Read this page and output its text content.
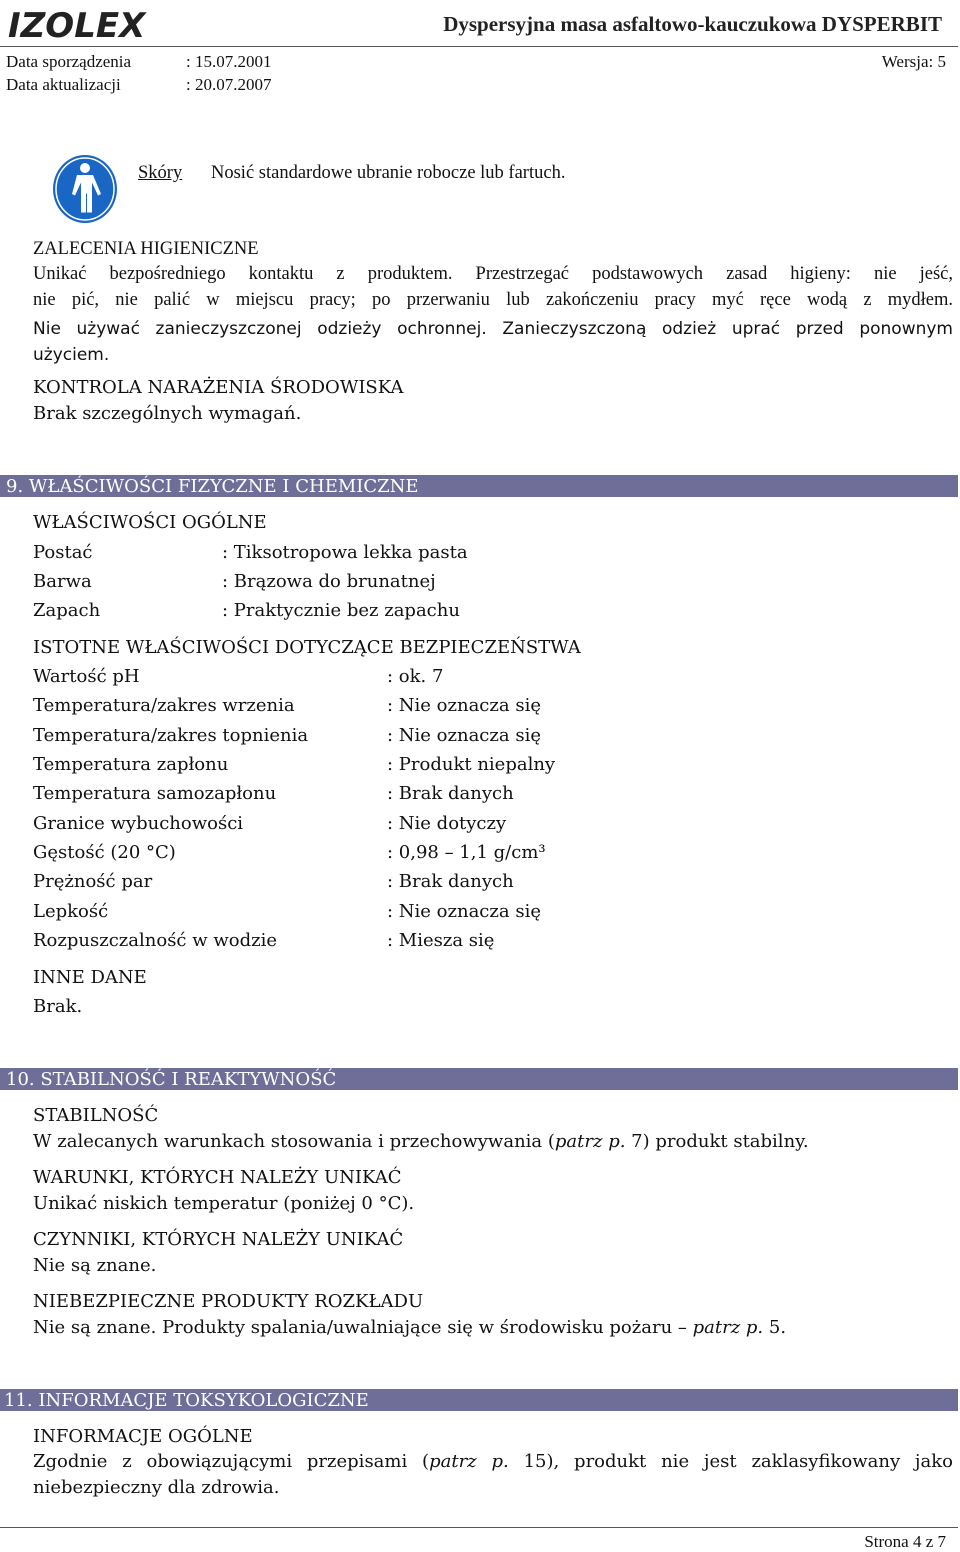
IZOLEX	Dyspersyjna masa asfaltowo-kauczukowa DYSPERBIT
Data sporządzenia	: 15.07.2001	Wersja: 5
Data aktualizacji	: 20.07.2007
Skóry Nosić standardowe ubranie robocze lub fartuch.
ZALECENIA HIGIENICZNE
Unikać bezpośredniego kontaktu z produktem. Przestrzegać podstawowych zasad higieny: nie jeść,
nie pić, nie palić w miejscu pracy; po przerwaniu lub zakończeniu pracy myć ręce wodą z mydłem.
Nie używać zanieczyszczonej odzieży ochronnej. Zanieczyszczoną odzież uprać przed ponownym
użyciem.
KONTROLA NARAŻENIA ŚRODOWISKA
Brak szczególnych wymagań.
9. WŁAŚCIWOŚCI FIZYCZNE I CHEMICZNE
WŁAŚCIWOŚCI OGÓLNE
Postać	: Tiksotropowa lekka pasta
Barwa	: Brązowa do brunatnej
Zapach	: Praktycznie bez zapachu
ISTOTNE WŁAŚCIWOŚCI DOTYCZĄCE BEZPIECZEŃSTWA
Wartość pH	: ok. 7
Temperatura/zakres wrzenia	: Nie oznacza się
Temperatura/zakres topnienia	: Nie oznacza się
Temperatura zapłonu	: Produkt niepalny
Temperatura samozapłonu	: Brak danych
Granice wybuchowości	: Nie dotyczy
Gęstość (20 °C)	: 0,98 – 1,1 g/cm³
Prężność par	: Brak danych
Lepkość	: Nie oznacza się
Rozpuszczalność w wodzie	: Miesza się
INNE DANE
Brak.
10. STABILNOŚĆ I REAKTYWNOŚĆ
STABILNOŚĆ
W zalecanych warunkach stosowania i przechowywania (patrz p. 7) produkt stabilny.
WARUNKI, KTÓRYCH NALEŻY UNIKAĆ
Unikać niskich temperatur (poniżej 0 °C).
CZYNNIKI, KTÓRYCH NALEŻY UNIKAĆ
Nie są znane.
NIEBEZPIECZNE PRODUKTY ROZKŁADU
Nie są znane. Produkty spalania/uwalniające się w środowisku pożaru – patrz p. 5.
11. INFORMACJE TOKSYKOLOGICZNE
INFORMACJE OGÓLNE
Zgodnie z obowiązującymi przepisami (patrz p. 15), produkt nie jest zaklasyfikowany jako
niebezpieczny dla zdrowia.
Strona 4 z 7
